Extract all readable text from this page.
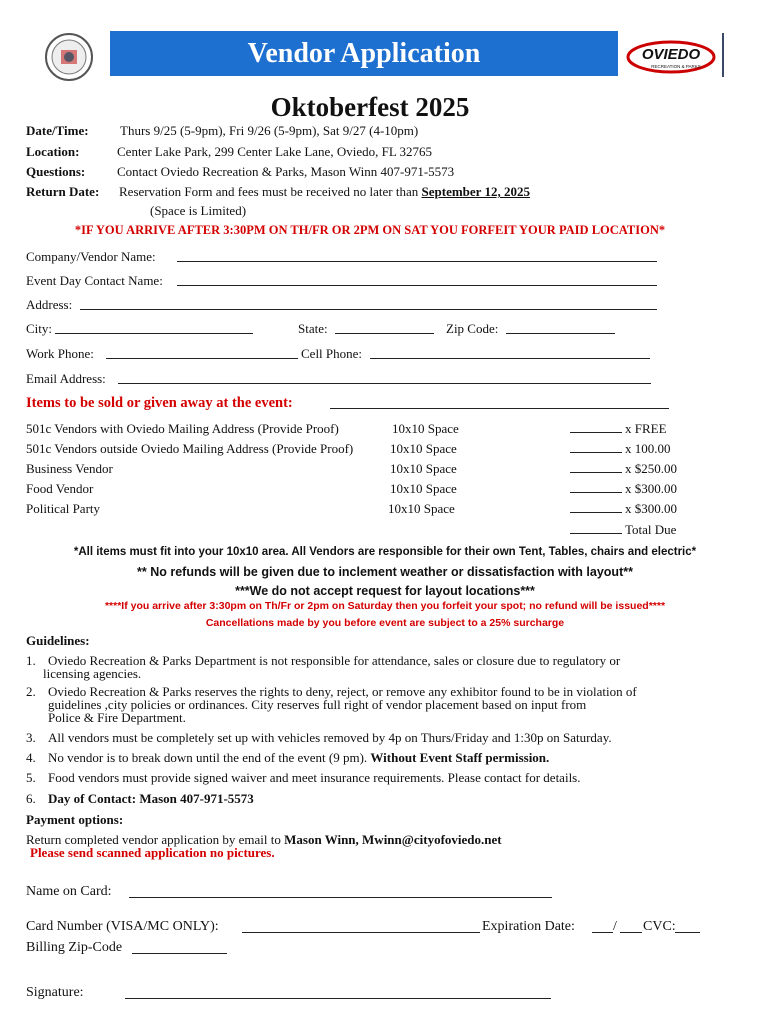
Vendor Application	OVIEDO
RECREATION & PARKS
Oktoberfest 2025
Date/Time: Thurs 9/25 (5-9pm), Fri 9/26 (5-9pm), Sat 9/27 (4-10pm)
Location:	Center Lake Park, 299 Center Lake Lane, Oviedo, FL 32765
Questions: Contact Oviedo Recreation & Parks, Mason Winn 407-971-5573
Return Date: Reservation Form and fees must be received no later than September 12, 2025
(Space is Limited)
*IF YOU ARRIVE AFTER 3:30PM ON TH/FR OR 2PM ON SAT YOU FORFEIT YOUR PAID LOCATION*
Company/Vendor Name:
Event Day Contact Name:
Address:
City:	State:	Zip Code:
Work Phone:	Cell Phone:
Email Address:
Items to be sold or given away at the event:
501c Vendors with Oviedo Mailing Address (Provide Proof)	10x10 Space	x FREE
501c Vendors outside Oviedo Mailing Address (Provide Proof)	10x10 Space	x 100.00
Business Vendor	10x10 Space	x $250.00
Food Vendor	10x10 Space	x $300.00
Political Party	10x10 Space	x $300.00
Total Due
*All items must fit into your 10x10 area. All Vendors are responsible for their own Tent, Tables, chairs and electric*
** No refunds will be given due to inclement weather or dissatisfaction with layout**
***We do not accept request for layout locations***
****If you arrive after 3:30pm on Th/Fr or 2pm on Saturday then you forfeit your spot; no refund will be issued****
Cancellations made by you before event are subject to a 25% surcharge
Guidelines:
1. Oviedo Recreation & Parks Department is not responsible for attendance, sales or closure due to regulatory or
licensing agencies.
2. Oviedo Recreation & Parks reserves the rights to deny, reject, or remove any exhibitor found to be in violation of
guidelines ,city policies or ordinances. City reserves full right of vendor placement based on input from
Police & Fire Department.
3. All vendors must be completely set up with vehicles removed by 4p on Thurs/Friday and 1:30p on Saturday.
4. No vendor is to break down until the end of the event (9 pm). Without Event Staff permission.
5. Food vendors must provide signed waiver and meet insurance requirements. Please contact for details.
6. Day of Contact: Mason 407-971-5573
Payment options:
Return completed vendor application by email to Mason Winn, Mwinn@cityofoviedo.net
Please send scanned application no pictures.
Name on Card:
Card Number (VISA/MC ONLY):	Expiration Date:	/ CVC:
Billing Zip-Code
Signature:
